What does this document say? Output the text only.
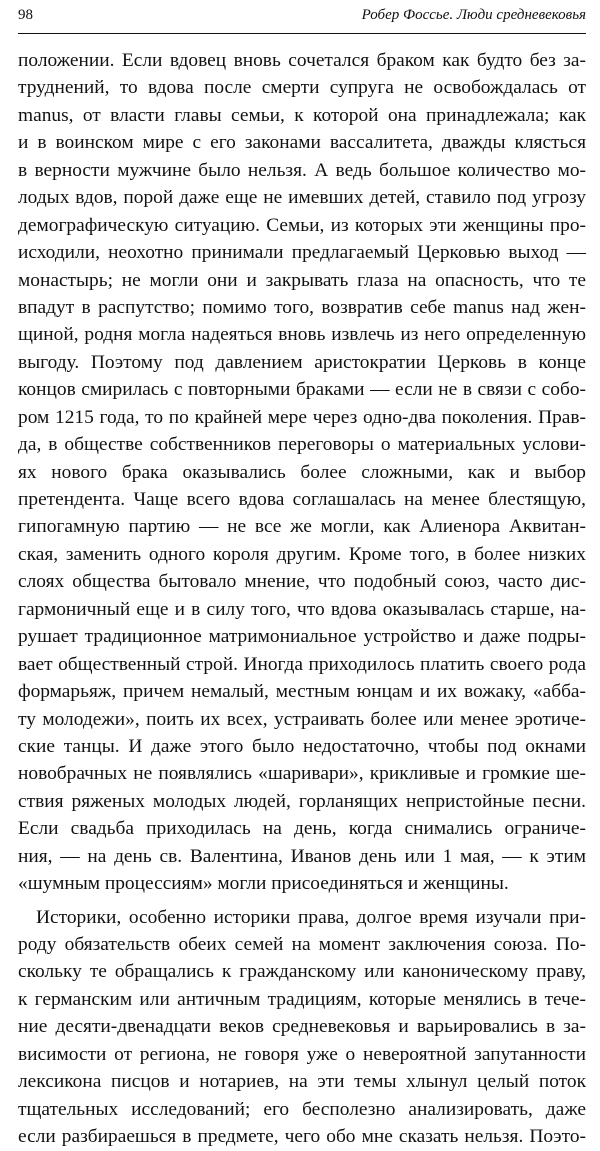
98	Робер Фоссье. Люди средневековья
положении. Если вдовец вновь сочетался браком как будто без за-
труднений, то вдова после смерти супруга не освобождалась от
manus, от власти главы семьи, к которой она принадлежала; как
и в воинском мире с его законами вассалитета, дважды клясться
в верности мужчине было нельзя. А ведь большое количество мо-
лодых вдов, порой даже еще не имевших детей, ставило под угрозу
демографическую ситуацию. Семьи, из которых эти женщины про-
исходили, неохотно принимали предлагаемый Церковью выход —
монастырь; не могли они и закрывать глаза на опасность, что те
впадут в распутство; помимо того, возвратив себе manus над жен-
щиной, родня могла надеяться вновь извлечь из него определенную
выгоду. Поэтому под давлением аристократии Церковь в конце
концов смирилась с повторными браками — если не в связи с собо-
ром 1215 года, то по крайней мере через одно-два поколения. Прав-
да, в обществе собственников переговоры о материальных услови-
ях нового брака оказывались более сложными, как и выбор
претендента. Чаще всего вдова соглашалась на менее блестящую,
гипогамную партию — не все же могли, как Алиенора Аквитан-
ская, заменить одного короля другим. Кроме того, в более низких
слоях общества бытовало мнение, что подобный союз, часто дис-
гармоничный еще и в силу того, что вдова оказывалась старше, на-
рушает традиционное матримониальное устройство и даже подры-
вает общественный строй. Иногда приходилось платить своего рода
формарьяж, причем немалый, местным юнцам и их вожаку, «абба-
ту молодежи», поить их всех, устраивать более или менее эротиче-
ские танцы. И даже этого было недостаточно, чтобы под окнами
новобрачных не появлялись «шаривари», крикливые и громкие ше-
ствия ряженых молодых людей, горланящих непристойные песни.
Если свадьба приходилась на день, когда снимались ограниче-
ния, — на день св. Валентина, Иванов день или 1 мая, — к этим
«шумным процессиям» могли присоединяться и женщины.
Историки, особенно историки права, долгое время изучали при-
роду обязательств обеих семей на момент заключения союза. По-
скольку те обращались к гражданскому или каноническому праву,
к германским или античным традициям, которые менялись в тече-
ние десяти-двенадцати веков средневековья и варьировались в за-
висимости от региона, не говоря уже о невероятной запутанности
лексикона писцов и нотариев, на эти темы хлынул целый поток
тщательных исследований; его бесполезно анализировать, даже
если разбираешься в предмете, чего обо мне сказать нельзя. Поэто-
